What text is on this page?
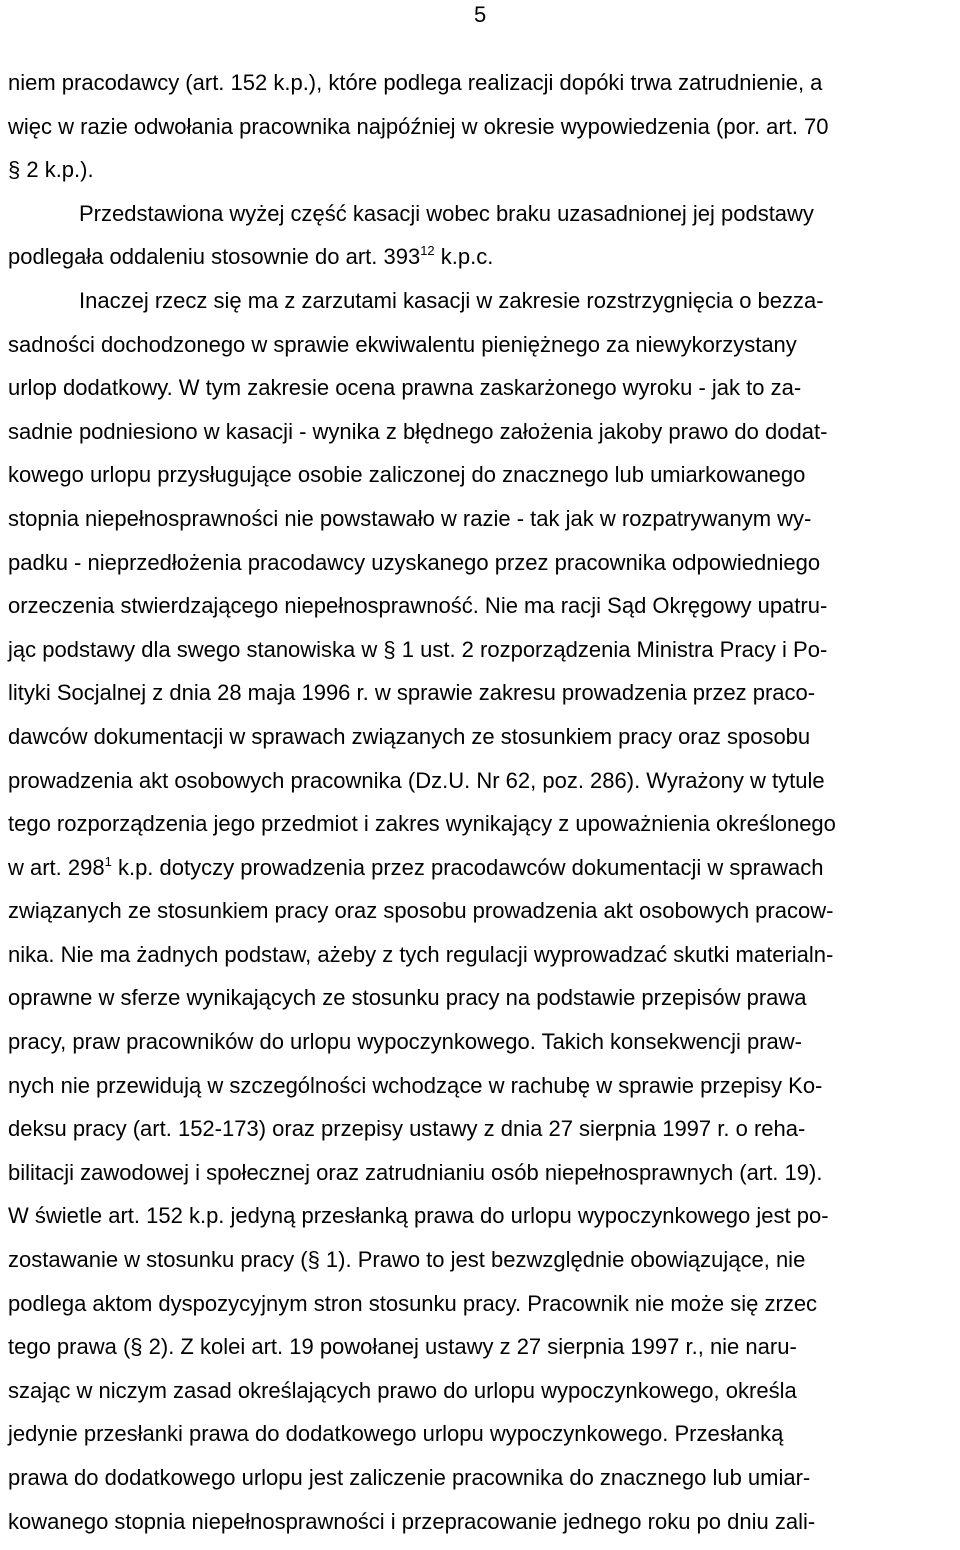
5
niem pracodawcy (art. 152 k.p.), które podlega realizacji dopóki trwa zatrudnienie, a
więc w razie odwołania pracownika najpóźniej w okresie wypowiedzenia (por. art. 70
§ 2 k.p.).
Przedstawiona wyżej część kasacji wobec braku uzasadnionej jej podstawy
podlegała oddaleniu stosownie do art. $393^{12}$ k.p.c.
Inaczej rzecz się ma z zarzutami kasacji w zakresie rozstrzygnięcia o bezza-
sadności dochodzonego w sprawie ekwiwalentu pieniężnego za niewykorzystany
urlop dodatkowy. W tym zakresie ocena prawna zaskarżonego wyroku - jak to za-
sadnie podniesiono w kasacji - wynika z błędnego założenia jakoby prawo do dodat-
kowego urlopu przysługujące osobie zaliczonej do znacznego lub umiarkowanego
stopnia niepełnosprawności nie powstawało w razie - tak jak w rozpatrywanym wy-
padku - nieprzedłożenia pracodawcy uzyskanego przez pracownika odpowiedniego
orzeczenia stwierdzającego niepełnosprawność. Nie ma racji Sąd Okręgowy upatru-
jąc podstawy dla swego stanowiska w § 1 ust. 2 rozporządzenia Ministra Pracy i Po-
lityki Socjalnej z dnia 28 maja 1996 r. w sprawie zakresu prowadzenia przez praco-
dawców dokumentacji w sprawach związanych ze stosunkiem pracy oraz sposobu
prowadzenia akt osobowych pracownika (Dz.U. Nr 62, poz. 286). Wyrażony w tytule
tego rozporządzenia jego przedmiot i zakres wynikający z upoważnienia określonego
w art. $298^1$ k.p. dotyczy prowadzenia przez pracodawców dokumentacji w sprawach
związanych ze stosunkiem pracy oraz sposobu prowadzenia akt osobowych pracow-
nika. Nie ma żadnych podstaw, ażeby z tych regulacji wyprowadzać skutki materialn-
oprawne w sferze wynikających ze stosunku pracy na podstawie przepisów prawa
pracy, praw pracowników do urlopu wypoczynkowego. Takich konsekwencji praw-
nych nie przewidują w szczególności wchodzące w rachubę w sprawie przepisy Ko-
deksu pracy (art. 152-173) oraz przepisy ustawy z dnia 27 sierpnia 1997 r. o reha-
bilitacji zawodowej i społecznej oraz zatrudnianiu osób niepełnosprawnych (art. 19).
W świetle art. 152 k.p. jedyną przesłanką prawa do urlopu wypoczynkowego jest po-
zostawanie w stosunku pracy (§ 1). Prawo to jest bezwzględnie obowiązujące, nie
podlega aktom dyspozycyjnym stron stosunku pracy. Pracownik nie może się zrzec
tego prawa (§ 2). Z kolei art. 19 powołanej ustawy z 27 sierpnia 1997 r., nie naru-
szając w niczym zasad określających prawo do urlopu wypoczynkowego, określa
jedynie przesłanki prawa do dodatkowego urlopu wypoczynkowego. Przesłanką
prawa do dodatkowego urlopu jest zaliczenie pracownika do znacznego lub umiar-
kowanego stopnia niepełnosprawności i przepracowanie jednego roku po dniu zali-
